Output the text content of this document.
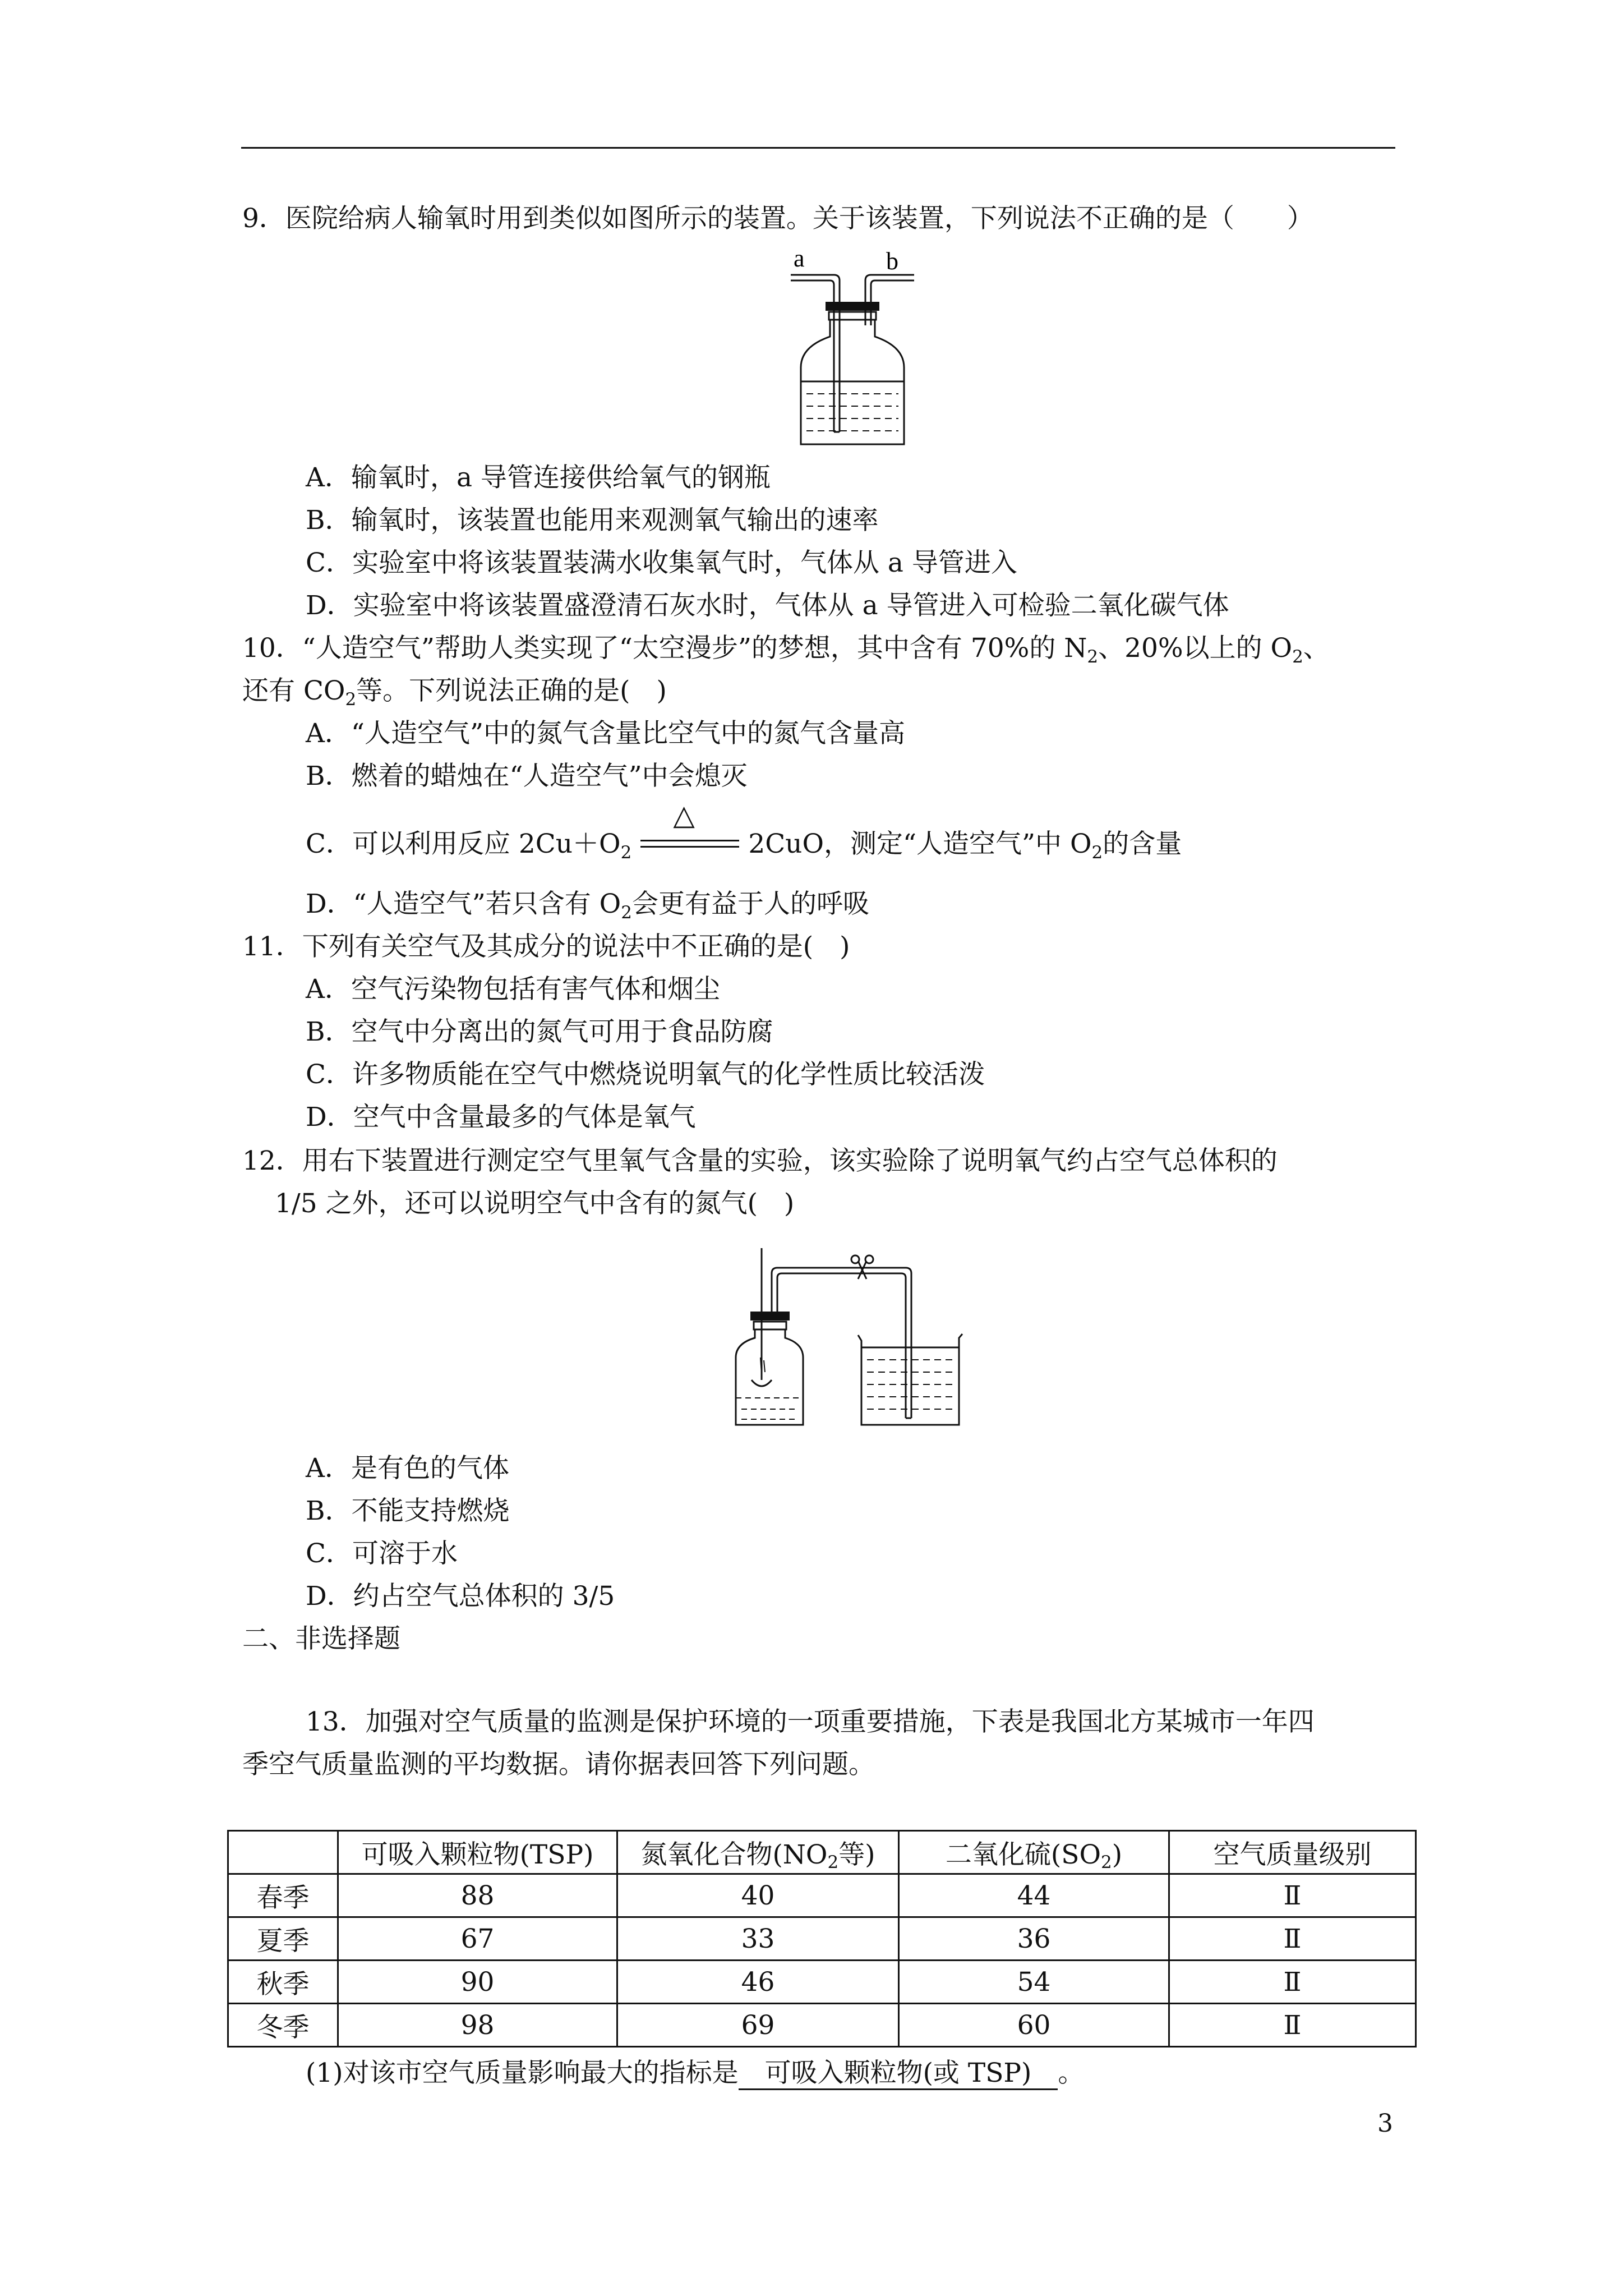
9．医院给病人输氧时用到类似如图所示的装置。关于该装置，下列说法不正确的是（　　）
a	b
A．输氧时，a 导管连接供给氧气的钢瓶
B．输氧时，该装置也能用来观测氧气输出的速率
C．实验室中将该装置装满水收集氧气时，气体从 a 导管进入
D．实验室中将该装置盛澄清石灰水时，气体从 a 导管进入可检验二氧化碳气体
10．“人造空气”帮助人类实现了“太空漫步”的梦想，其中含有 70%的 $N_2$、20%以上的 $O_2$、
还有 $CO_2$等。下列说法正确的是(　)
A．“人造空气”中的氮气含量比空气中的氮气含量高
B．燃着的蜡烛在“人造空气”中会熄灭
C．可以利用反应 $2Cu+O_2$
△
2CuO，测定“人造空气”中 $O_2$的含量
D．“人造空气”若只含有 $O_2$会更有益于人的呼吸
11．下列有关空气及其成分的说法中不正确的是(　)
A．空气污染物包括有害气体和烟尘
B．空气中分离出的氮气可用于食品防腐
C．许多物质能在空气中燃烧说明氧气的化学性质比较活泼
D．空气中含量最多的气体是氧气
12．用右下装置进行测定空气里氧气含量的实验，该实验除了说明氧气约占空气总体积的
1/5 之外，还可以说明空气中含有的氮气(　)
A．是有色的气体
B．不能支持燃烧
C．可溶于水
D．约占空气总体积的 3/5
二、非选择题
13．加强对空气质量的监测是保护环境的一项重要措施，下表是我国北方某城市一年四
季空气质量监测的平均数据。请你据表回答下列问题。
	可吸入颗粒物(TSP)	氮氧化合物($NO_2$等)	二氧化硫$(SO_2)$	空气质量级别
春季	88	40	44	Ⅱ
夏季	67	33	36	Ⅱ
秋季	90	46	54	Ⅱ
冬季	98	69	60	Ⅱ
(1)对该市空气质量影响最大的指标是　可吸入颗粒物(或 TSP)　。
3
